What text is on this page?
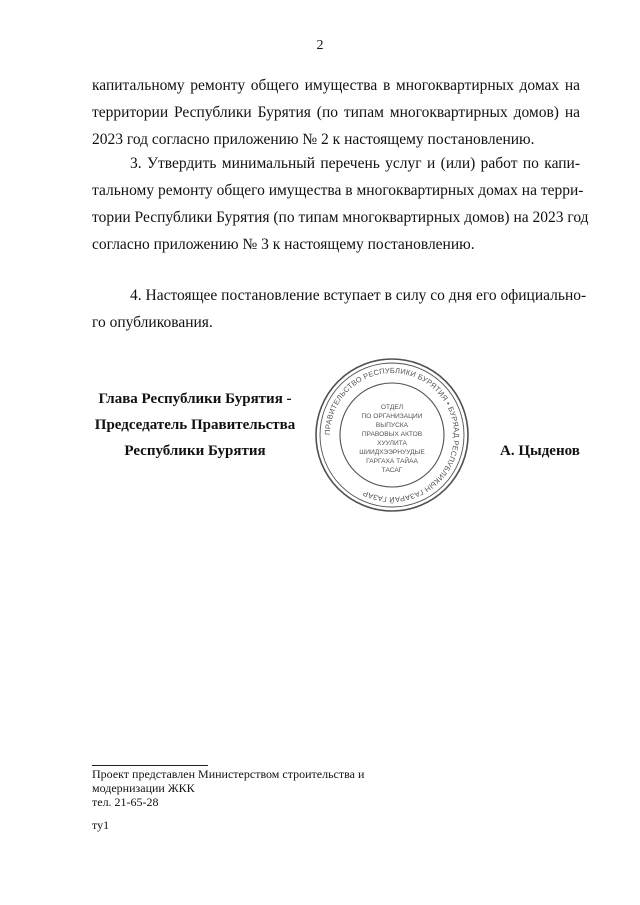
2

капитальному ремонту общего имущества в многоквартирных домах на
территории Республики Бурятия (по типам многоквартирных домов) на
2023 год согласно приложению № 2 к настоящему постановлению.

3. Утвердить минимальный перечень услуг и (или) работ по капи-
тальному ремонту общего имущества в многоквартирных домах на терри-
тории Республики Бурятия (по типам многоквартирных домов) на 2023 год
согласно приложению № 3 к настоящему постановлению.

4. Настоящее постановление вступает в силу со дня его официально-
го опубликования.

Глава Республики Бурятия -
Председатель Правительства
Республики Бурятия
ПРАВИТЕЛЬСТВО РЕСПУБЛИКИ БУРЯТИЯ • БУРЯАД РЕСПУБЛИКЫН ГАЗАРАЙ ГАЗАР
ОТДЕЛ
ПО ОРГАНИЗАЦИИ
ВЫПУСКА
ПРАВОВЫХ АКТОВ
ХУУЛИТА
ШИИДХЭЭРНУУДЫЕ
ГАРГАХА ТАЙАА
ТАСАГ
А. Цыденов
Проект представлен Министерством строительства и
модернизации ЖКК
тел. 21-65-28
ту1
